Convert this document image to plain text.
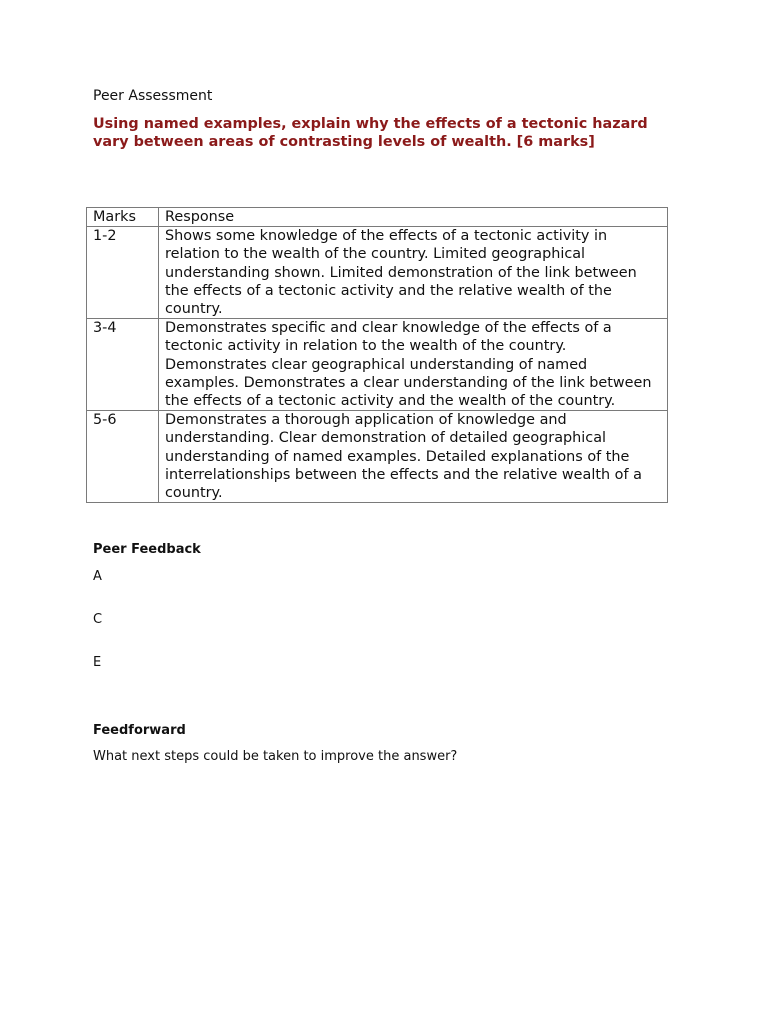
Peer Assessment
Using named examples, explain why the effects of a tectonic hazard vary between areas of contrasting levels of wealth. [6 marks]
Marks	Response
1-2	Shows some knowledge of the effects of a tectonic activity in relation to the wealth of the country. Limited geographical understanding shown. Limited demonstration of the link between the effects of a tectonic activity and the relative wealth of the country.
3-4	Demonstrates specific and clear knowledge of the effects of a tectonic activity in relation to the wealth of the country. Demonstrates clear geographical understanding of named examples. Demonstrates a clear understanding of the link between the effects of a tectonic activity and the wealth of the country.
5-6	Demonstrates a thorough application of knowledge and understanding. Clear demonstration of detailed geographical understanding of named examples. Detailed explanations of the interrelationships between the effects and the relative wealth of a country.
Peer Feedback
A
C
E
Feedforward
What next steps could be taken to improve the answer?
